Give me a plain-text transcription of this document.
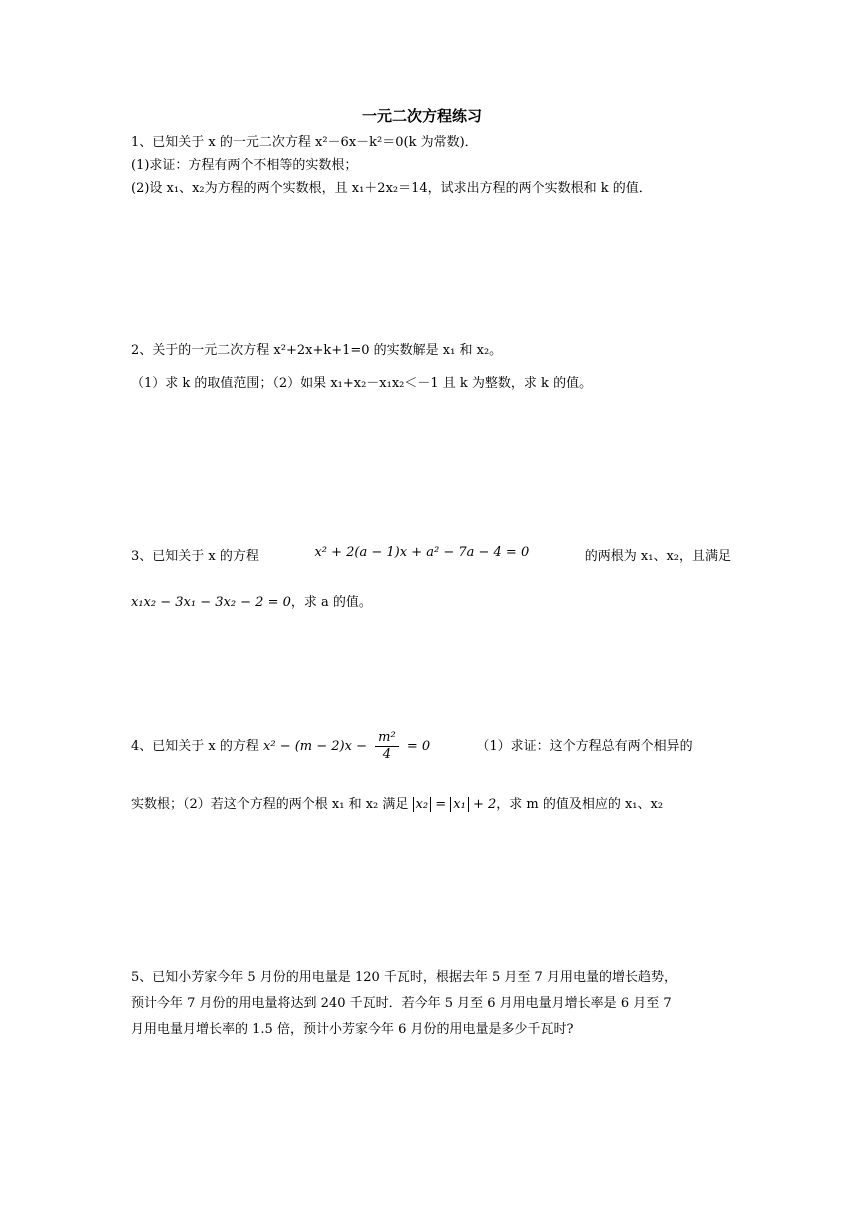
一元二次方程练习
1、已知关于 x 的一元二次方程 x²－6x－k²＝0(k 为常数)．
(1)求证：方程有两个不相等的实数根；
(2)设 x₁、x₂为方程的两个实数根，且 x₁＋2x₂＝14，试求出方程的两个实数根和 k 的值．
2、关于的一元二次方程 x²+2x+k+1=0 的实数解是 x₁ 和 x₂。
（1）求 k 的取值范围；（2）如果 x₁+x₂－x₁x₂＜－1 且 k 为整数，求 k 的值。
3、已知关于 x 的方程	x² + 2(a − 1)x + a² − 7a − 4 = 0	的两根为 x₁、x₂，且满足
x₁x₂ − 3x₁ − 3x₂ − 2 = 0，求 a 的值。
4、已知关于 x 的方程 $x^2 - (m - 2)x - \frac{\text{m²}}{4} = 0$	（1）求证：这个方程总有两个相异的
实数根；（2）若这个方程的两个根 x₁ 和 x₂ 满足 x₂ = x₁ + 2，求 m 的值及相应的 x₁、x₂
5、已知小芳家今年 5 月份的用电量是 120 千瓦时，根据去年 5 月至 7 月用电量的增长趋势，
预计今年 7 月份的用电量将达到 240 千瓦时．若今年 5 月至 6 月用电量月增长率是 6 月至 7
月用电量月增长率的 1.5 倍，预计小芳家今年 6 月份的用电量是多少千瓦时?
